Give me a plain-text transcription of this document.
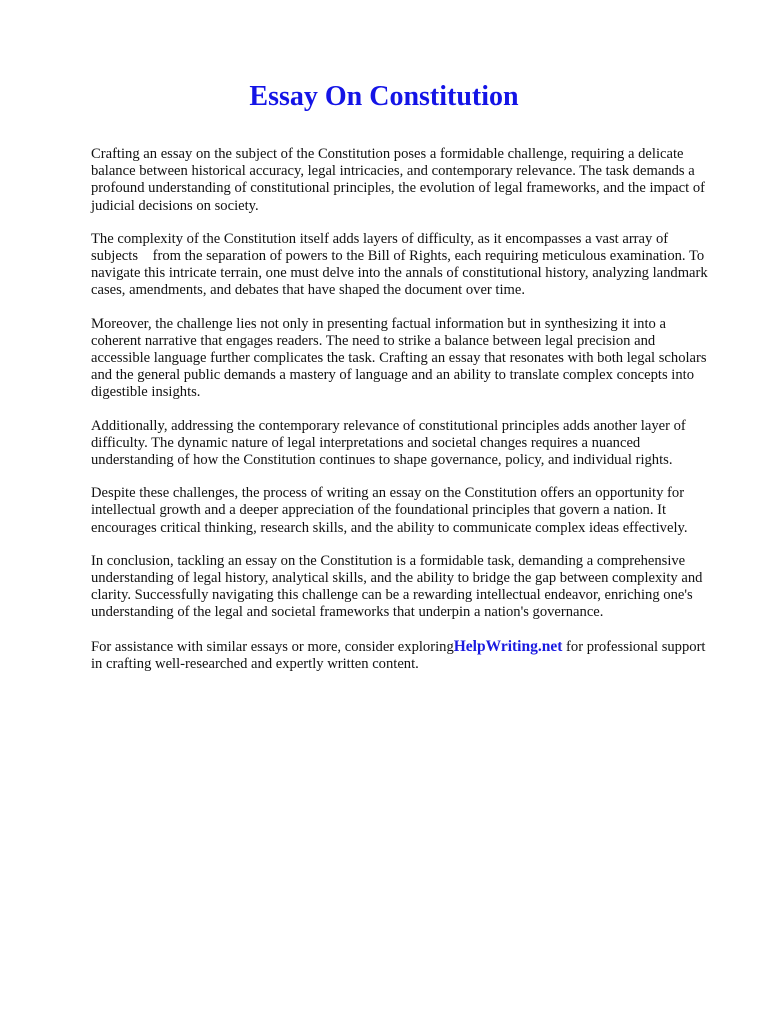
Essay On Constitution

Crafting an essay on the subject of the Constitution poses a formidable challenge, requiring a delicate balance between historical accuracy, legal intricacies, and contemporary relevance. The task demands a profound understanding of constitutional principles, the evolution of legal frameworks, and the impact of judicial decisions on society.

The complexity of the Constitution itself adds layers of difficulty, as it encompasses a vast array of subjects  from the separation of powers to the Bill of Rights, each requiring meticulous examination. To navigate this intricate terrain, one must delve into the annals of constitutional history, analyzing landmark cases, amendments, and debates that have shaped the document over time.

Moreover, the challenge lies not only in presenting factual information but in synthesizing it into a coherent narrative that engages readers. The need to strike a balance between legal precision and accessible language further complicates the task. Crafting an essay that resonates with both legal scholars and the general public demands a mastery of language and an ability to translate complex concepts into digestible insights.

Additionally, addressing the contemporary relevance of constitutional principles adds another layer of difficulty. The dynamic nature of legal interpretations and societal changes requires a nuanced understanding of how the Constitution continues to shape governance, policy, and individual rights.

Despite these challenges, the process of writing an essay on the Constitution offers an opportunity for intellectual growth and a deeper appreciation of the foundational principles that govern a nation. It encourages critical thinking, research skills, and the ability to communicate complex ideas effectively.

In conclusion, tackling an essay on the Constitution is a formidable task, demanding a comprehensive understanding of legal history, analytical skills, and the ability to bridge the gap between complexity and clarity. Successfully navigating this challenge can be a rewarding intellectual endeavor, enriching one's understanding of the legal and societal frameworks that underpin a nation's governance.

For assistance with similar essays or more, consider exploringHelpWriting.net for professional support in crafting well-researched and expertly written content.
